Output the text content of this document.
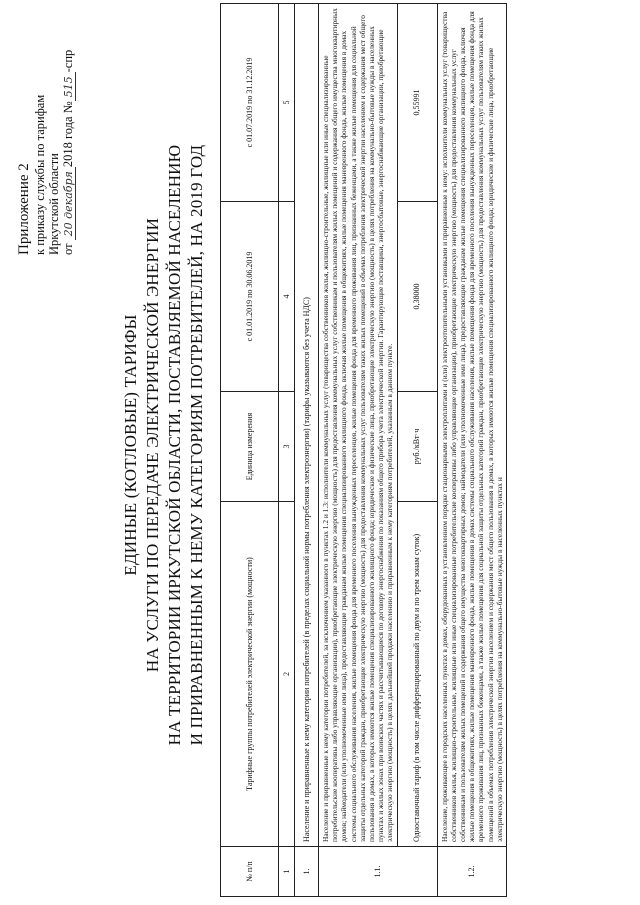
Приложение 2 к приказу службы по тарифам Иркутской области от 20 декабря2018 года №515-спр
ЕДИНЫЕ (КОТЛОВЫЕ) ТАРИФЫ НА УСЛУГИ ПО ПЕРЕДАЧЕ ЭЛЕКТРИЧЕСКОЙ ЭНЕРГИИ НА ТЕРРИТОРИИ ИРКУТСКОЙ ОБЛАСТИ, ПОСТАВЛЯЕМОЙ НАСЕЛЕНИЮ И ПРИРАВНЕННЫМ К НЕМУ КАТЕГОРИЯМ ПОТРЕБИТЕЛЕЙ, НА 2019 ГОД
№ п/п	Тарифные группы потребителей электрической энергии (мощности)	Единица измерения	с 01.01.2019 по 30.06.2019	с 01.07.2019 по 31.12.2019
1	2	3	4	5
1.	Население и приравненные к нему категории потребителей (в пределах социальной нормы потребления электроэнергии) (тарифы указываются без учета НДС)			
1.1.	Население и приравненные к нему категории потребителей, за исключением указанного в пунктах 1.2 и 1.3: исполнители коммунальных услуг (товарищества собственников жилья, жилищно-строительные, жилищные или иные специализированные потребительские кооперативы либо управляющие организации), приобретающие электрическую энергию (мощность) для предоставления коммунальных услуг собственникам и пользователям жилых помещений и содержания общего имущества многоквартирных домов; наймодатели (или уполномоченные ими лица), предоставляющие гражданам жилые помещения специализированного жилищного фонда, включая жилые помещения в общежитиях, жилые помещения маневренного фонда, жилые помещения в домах системы социального обслуживания населения, жилые помещения фонда для временного поселения вынужденных переселенцев, жилые помещения фонда для временного проживания лиц, признанных беженцами, а также жилые помещения для социальной защиты отдельных категорий граждан, приобретающие электрическую энергию (мощность) для предоставления коммунальных услуг пользователям таких жилых помещений в объемах потребления электрической энергии населением и содержания мест общего пользования в домах, в которых имеются жилые помещения специализированного жилищного фонда; юридические и физические лица, приобретающие электрическую энергию (мощность) в целях потребления на коммунально-бытовые нужды в населенных пунктах и жилых зонах при воинских частях и рассчитывающиеся по договору энергоснабжения по показаниям общего прибора учета электрической энергии. Гарантирующие поставщики, энергосбытовые, энергоснабжающие организации, приобретающие электрическую энергию (мощность) в целях дальнейшей продажи населению и приравненным к нему категориям потребителей, указанным в данном пункте.			
	Одноставочный тариф (в том числе дифференцированный по двум и по трем зонам суток)	руб./кВт·ч	0,38000	0,55991
1.2.	Население, проживающее в городских населенных пунктах в домах, оборудованных в установленном порядке стационарными электроплитами и (или) электроотопительными установками и приравненные к нему: исполнители коммунальных услуг (товарищества собственников жилья, жилищно-строительные, жилищные или иные специализированные потребительские кооперативы либо управляющие организации), приобретающие электрическую энергию (мощность) для предоставления коммунальных услуг собственникам и пользователям жилых помещений и содержания общего имущества многоквартирных домов; наймодатели (или уполномоченные ими лица), предоставляющие гражданам жилые помещения специализированного жилищного фонда, включая жилые помещения в общежитиях, жилые помещения маневренного фонда, жилые помещения в домах системы социального обслуживания населения, жилые помещения фонда для временного поселения вынужденных переселенцев, жилые помещения фонда для временного проживания лиц, признанных беженцами, а также жилые помещения для социальной защиты отдельных категорий граждан, приобретающие электрическую энергию (мощность) для предоставления коммунальных услуг пользователям таких жилых помещений в объемах потребления электрической энергии населением и содержания мест общего пользования в домах, в которых имеются жилые помещения специализированного жилищного фонда; юридические и физические лица, приобретающие электрическую энергию (мощность) в целях потребления на коммунально-бытовые нужды в населенных пунктах и			
